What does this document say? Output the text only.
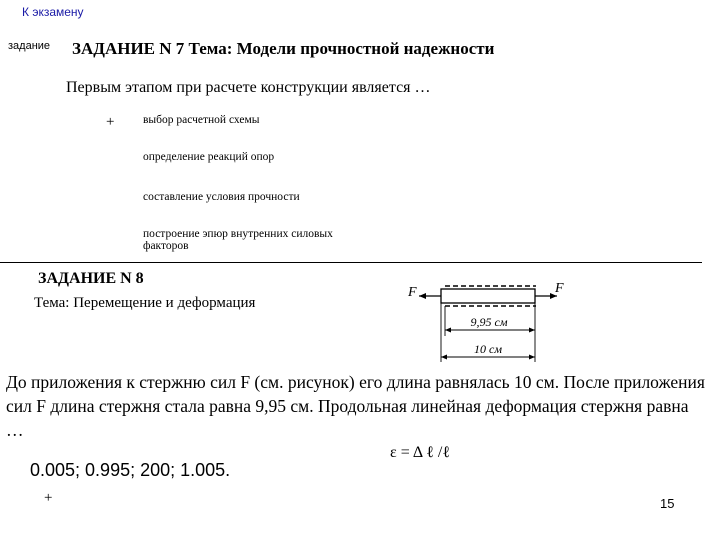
К экзамену
задание ЗАДАНИЕ N 7 Тема: Модели прочностной надежности
Первым этапом при расчете конструкции является …
+ выбор расчетной схемы
определение реакций опор
составление условия прочности
построение эпюр внутренних силовых
факторов
ЗАДАНИЕ N 8
Тема: Перемещение и деформация
F	F
9,95 см
10 см
До приложения к стержню сил F (см. рисунок) его длина равнялась 10 см. После приложения сил F длина стержня стала равна 9,95 см. Продольная линейная деформация стержня равна …
ε = Δ ℓ /ℓ
0.005; 0.995; 200; 1.005.
+	15
